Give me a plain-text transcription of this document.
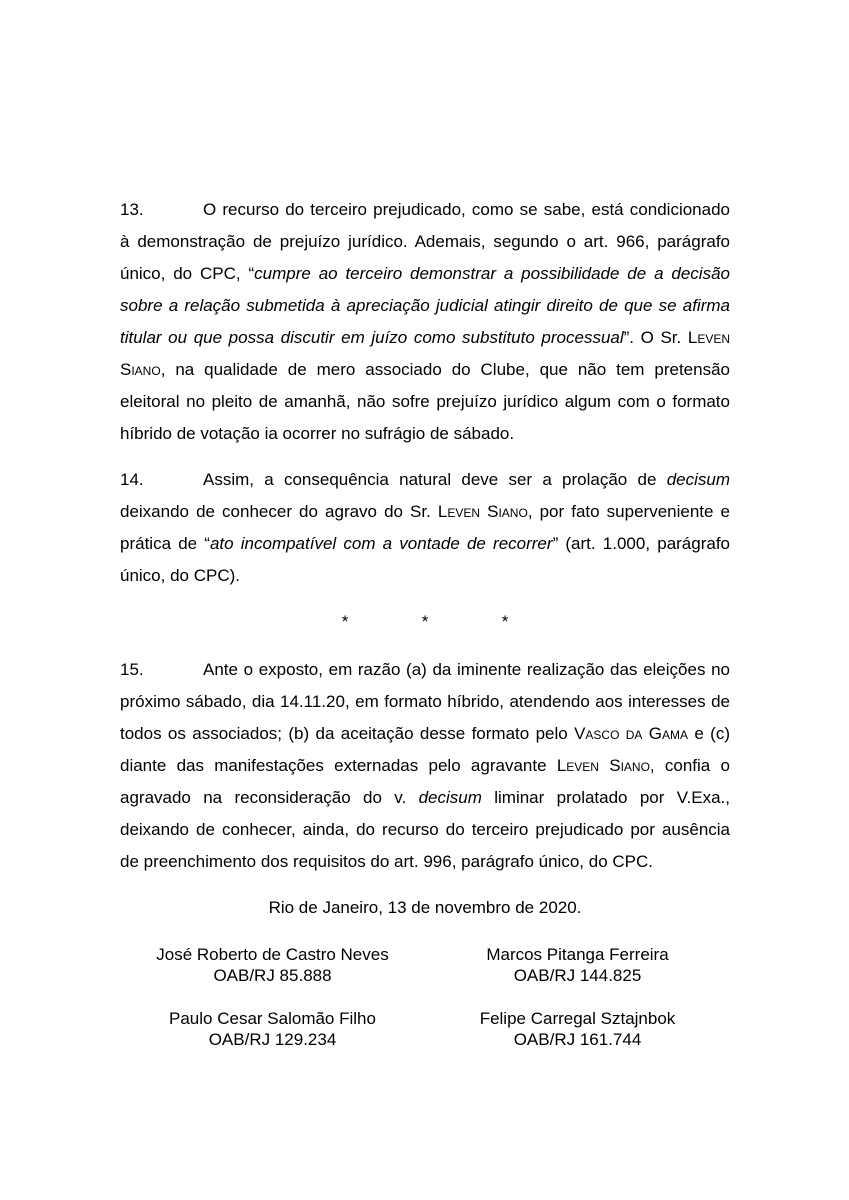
13.	O recurso do terceiro prejudicado, como se sabe, está condicionado à demonstração de prejuízo jurídico. Ademais, segundo o art. 966, parágrafo único, do CPC, “cumpre ao terceiro demonstrar a possibilidade de a decisão sobre a relação submetida à apreciação judicial atingir direito de que se afirma titular ou que possa discutir em juízo como substituto processual”. O Sr. Leven Siano, na qualidade de mero associado do Clube, que não tem pretensão eleitoral no pleito de amanhã, não sofre prejuízo jurídico algum com o formato híbrido de votação ia ocorrer no sufrágio de sábado.

14.	Assim, a consequência natural deve ser a prolação de decisum deixando de conhecer do agravo do Sr. Leven Siano, por fato superveniente e prática de “ato incompatível com a vontade de recorrer” (art. 1.000, parágrafo único, do CPC).

*	*	*

15.	Ante o exposto, em razão (a) da iminente realização das eleições no próximo sábado, dia 14.11.20, em formato híbrido, atendendo aos interesses de todos os associados; (b) da aceitação desse formato pelo Vasco da Gama e (c) diante das manifestações externadas pelo agravante Leven Siano, confia o agravado na reconsideração do v. decisum liminar prolatado por V.Exa., deixando de conhecer, ainda, do recurso do terceiro prejudicado por ausência de preenchimento dos requisitos do art. 996, parágrafo único, do CPC.

Rio de Janeiro, 13 de novembro de 2020.

José Roberto de Castro Neves
OAB/RJ 85.888
Marcos Pitanga Ferreira
OAB/RJ 144.825
Paulo Cesar Salomão Filho
OAB/RJ 129.234
Felipe Carregal Sztajnbok
OAB/RJ 161.744
